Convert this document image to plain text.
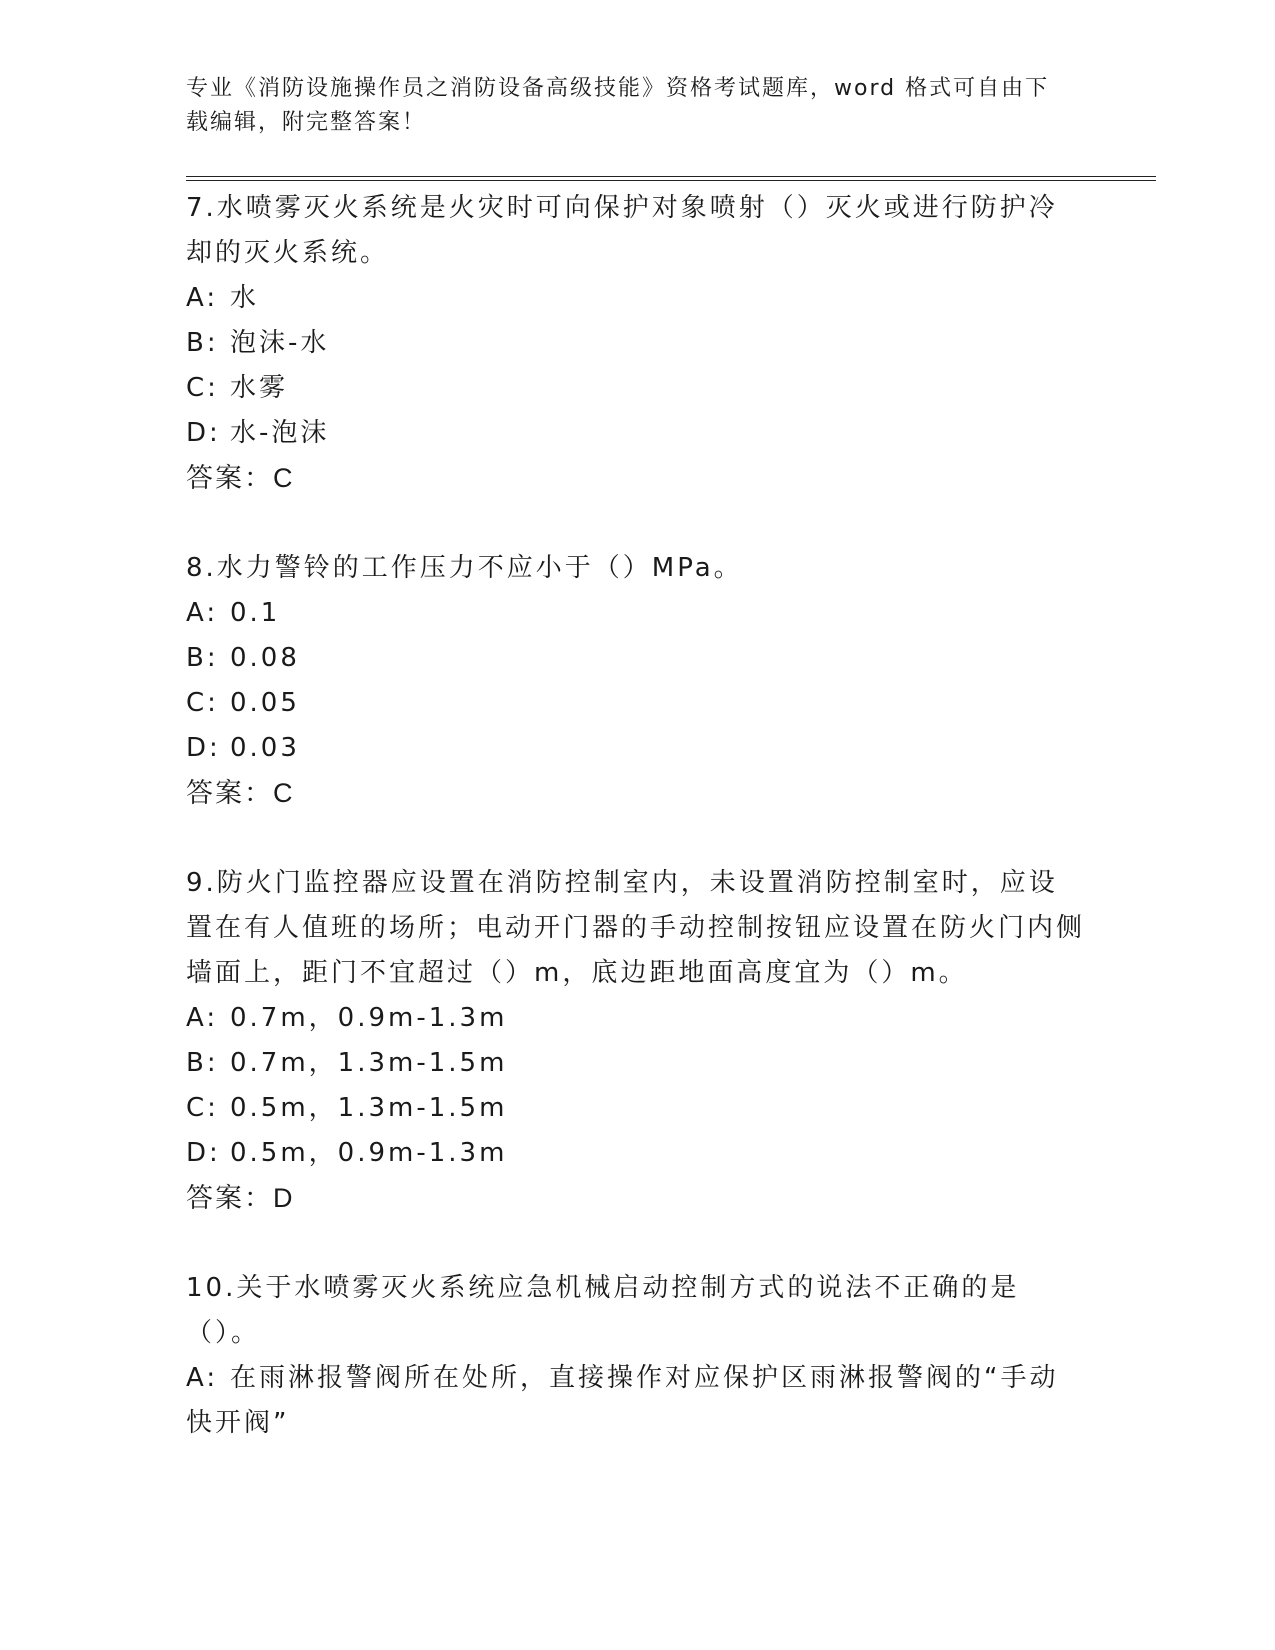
专业《消防设施操作员之消防设备高级技能》资格考试题库，word 格式可自由下载编辑，附完整答案！

7.水喷雾灭火系统是火灾时可向保护对象喷射（）灭火或进行防护冷却的灭火系统。

A: 水

B: 泡沫-水

C: 水雾

D: 水-泡沫

答案：C

8.水力警铃的工作压力不应小于（）MPa。

A: 0.1

B: 0.08

C: 0.05

D: 0.03

答案：C

9.防火门监控器应设置在消防控制室内，未设置消防控制室时，应设置在有人值班的场所；电动开门器的手动控制按钮应设置在防火门内侧墙面上，距门不宜超过（）m，底边距地面高度宜为（）m。

A: 0.7m，0.9m-1.3m

B: 0.7m，1.3m-1.5m

C: 0.5m，1.3m-1.5m

D: 0.5m，0.9m-1.3m

答案：D

10.关于水喷雾灭火系统应急机械启动控制方式的说法不正确的是（）。

A: 在雨淋报警阀所在处所，直接操作对应保护区雨淋报警阀的“手动快开阀”
